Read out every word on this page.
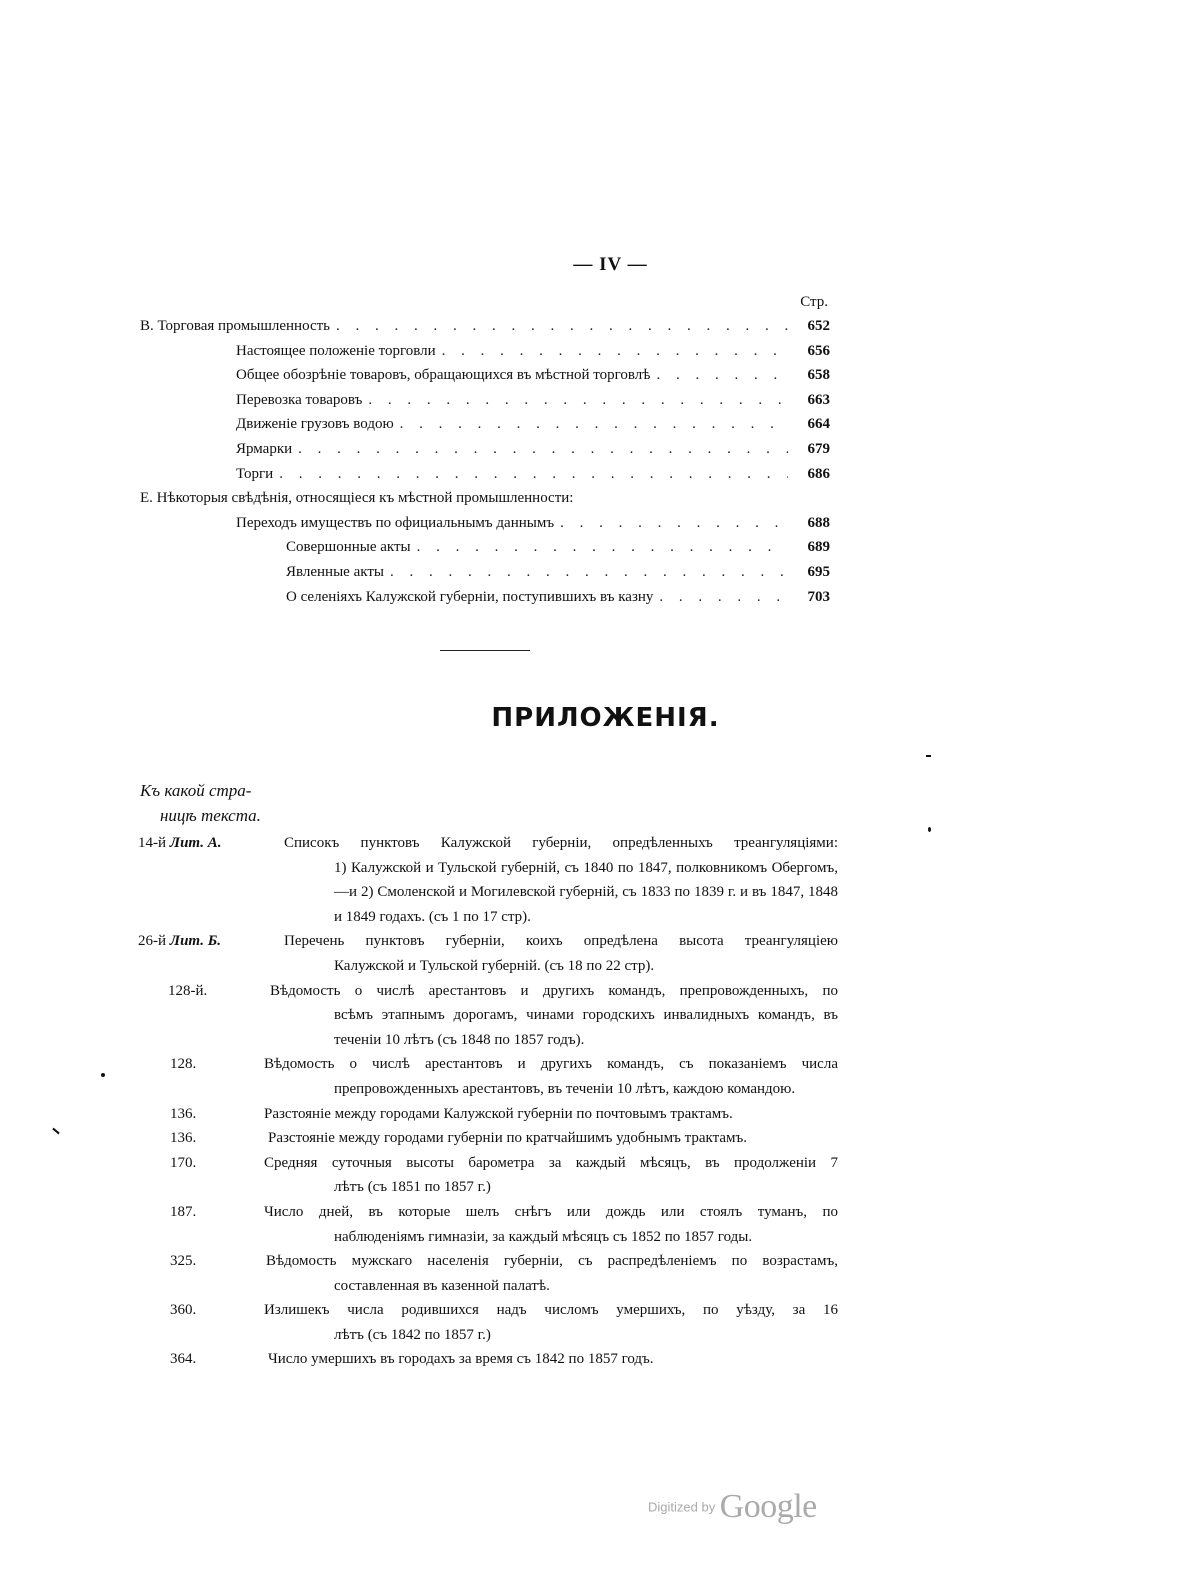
— IV —
Стр.
В. Торговая промышленность . . .	652
Настоящее положеніе торговли . . .	656
Общее обозрѣніе товаровъ, обращающихся въ мѣстной торговлѣ . . .	658
Перевозка товаровъ . . .	663
Движеніе грузовъ водою . . .	664
Ярмарки . . .	679
Торги . . .	686
Е. Нѣкоторыя свѣдѣнія, относящіеся къ мѣстной промышленности:
Переходъ имуществъ по официальнымъ даннымъ . . .	688
Совершонные акты . . .	689
Явленные акты . . .	695
О селеніяхъ Калужской губерніи, поступившихъ въ казну . . .	703
ПРИЛОЖЕНІЯ.
Къ какой стра-
ницѣ текста.
14-й Лит. А.	Списокъ пунктовъ Калужской губерніи, опредѣленныхъ треангуляціями:
1) Калужской и Тульской губерній, съ 1840 по 1847, полковникомъ Обергомъ,—и 2) Смоленской и Могилевской губерній, съ 1833 по 1839 г. и въ 1847, 1848 и 1849 годахъ. (съ 1 по 17 стр).
26-й Лит. Б.	Перечень пунктовъ губерніи, коихъ опредѣлена высота треангуляціею
Калужской и Тульской губерній. (съ 18 по 22 стр).
128-й.	Вѣдомость о числѣ арестантовъ и другихъ командъ, препровожденныхъ, по
всѣмъ этапнымъ дорогамъ, чинами городскихъ инвалидныхъ командъ, въ теченіи 10 лѣтъ (съ 1848 по 1857 годъ).
128.	Вѣдомость о числѣ арестантовъ и другихъ командъ, съ показаніемъ числа
препровожденныхъ арестантовъ, въ теченіи 10 лѣтъ, каждою командою.
136.	Разстояніе между городами Калужской губерніи по почтовымъ трактамъ.
136.	Разстояніе между городами губерніи по кратчайшимъ удобнымъ трактамъ.
170.	Средняя суточныя высоты барометра за каждый мѣсяцъ, въ продолженіи 7
лѣтъ (съ 1851 по 1857 г.)
187.	Число дней, въ которые шелъ снѣгъ или дождь или стоялъ туманъ, по
наблюденіямъ гимназіи, за каждый мѣсяцъ съ 1852 по 1857 годы.
325.	Вѣдомость мужскаго населенія губерніи, съ распредѣленіемъ по возрастамъ,
составленная въ казенной палатѣ.
360.	Излишекъ числа родившихся надъ числомъ умершихъ, по уѣзду, за 16
лѣтъ (съ 1842 по 1857 г.)
364.	Число умершихъ въ городахъ за время съ 1842 по 1857 годъ.
Digitized by Google
